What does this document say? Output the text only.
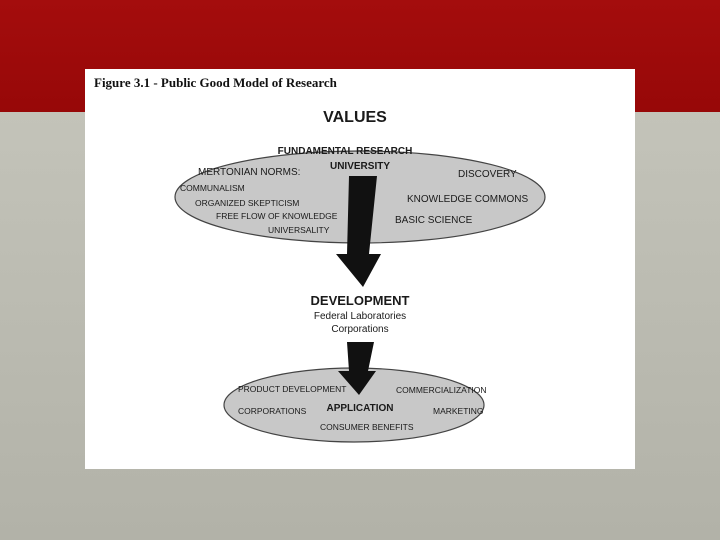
Figure 3.1 - Public Good Model of Research
VALUES
FUNDAMENTAL RESEARCH
UNIVERSITY
MERTONIAN NORMS:
COMMUNALISM
ORGANIZED SKEPTICISM
FREE FLOW OF KNOWLEDGE
UNIVERSALITY
DISCOVERY
KNOWLEDGE COMMONS
BASIC SCIENCE
DEVELOPMENT
Federal Laboratories
Corporations
PRODUCT DEVELOPMENT	COMMERCIALIZATION
APPLICATION
CORPORATIONS	MARKETING
CONSUMER BENEFITS
